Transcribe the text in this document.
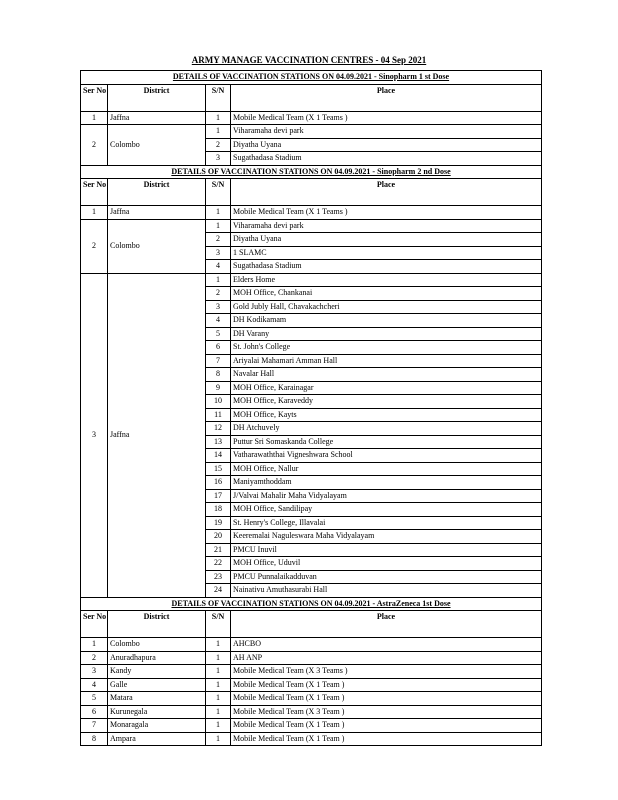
ARMY MANAGE VACCINATION CENTRES - 04 Sep 2021
DETAILS OF VACCINATION STATIONS ON 04.09.2021 - Sinopharm 1 st Dose			
Ser No	District	S/N	Place
1	Jaffna	1	Mobile Medical Team (X 1 Teams )
2	Colombo	1	Viharamaha devi park
		2	Diyatha Uyana
		3	Sugathadasa Stadium
DETAILS OF VACCINATION STATIONS ON 04.09.2021 - Sinopharm 2 nd Dose			
Ser No	District	S/N	Place
1	Jaffna	1	Mobile Medical Team (X 1 Teams )
2	Colombo	1	Viharamaha devi park
		2	Diyatha Uyana
		3	1 SLAMC
		4	Sugathadasa Stadium
3	Jaffna	1	Elders Home
		2	MOH Office, Chankanai
		3	Gold Jubly Hall, Chavakachcheri
		4	DH Kodikamam
		5	DH Varany
		6	St. John's College
		7	Ariyalai Mahamari Amman Hall
		8	Navalar Hall
		9	MOH Office, Karainagar
		10	MOH Office, Karaveddy
		11	MOH Office, Kayts
		12	DH Atchuvely
		13	Puttur Sri Somaskanda College
		14	Vatharawaththai Vigneshwara School
		15	MOH Office, Nallur
		16	Maniyamthoddam
		17	J/Valvai Mahalir Maha Vidyalayam
		18	MOH Office, Sandilipay
		19	St. Henry's College, Illavalai
		20	Keeremalai Naguleswara Maha Vidyalayam
		21	PMCU Inuvil
		22	MOH Office, Uduvil
		23	PMCU Punnalaikadduvan
		24	Nainativu Amuthasurabi Hall
DETAILS OF VACCINATION STATIONS ON 04.09.2021 - AstraZeneca 1st Dose			
Ser No	District	S/N	Place
1	Colombo	1	AHCBO
2	Anuradhapura	1	AH ANP
3	Kandy	1	Mobile Medical Team (X 3 Teams )
4	Galle	1	Mobile Medical Team (X 1 Team )
5	Matara	1	Mobile Medical Team (X 1 Team )
6	Kurunegala	1	Mobile Medical Team (X 3 Team )
7	Monaragala	1	Mobile Medical Team (X 1 Team )
8	Ampara	1	Mobile Medical Team (X 1 Team )
